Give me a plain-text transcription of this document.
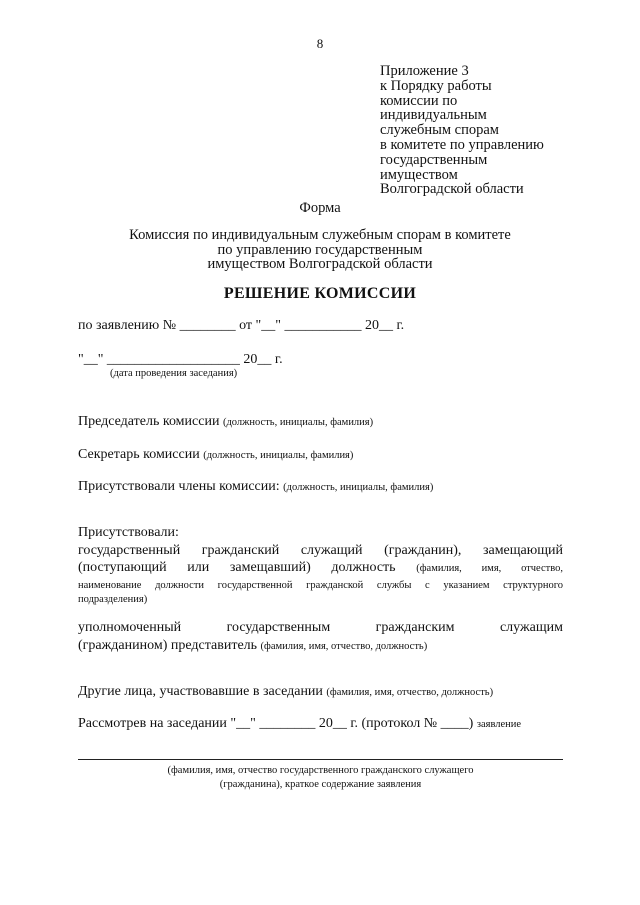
8
Приложение 3
к Порядку работы
комиссии по
индивидуальным
служебным спорам
в комитете по управлению
государственным
имуществом
Волгоградской области
Форма
Комиссия по индивидуальным служебным спорам в комитете
по управлению государственным
имуществом Волгоградской области
РЕШЕНИЕ КОМИССИИ
по заявлению № ________ от "__" ___________ 20__ г.
"__" ___________________ 20__ г.
(дата проведения заседания)
Председатель комиссии (должность, инициалы, фамилия)
Секретарь комиссии (должность, инициалы, фамилия)
Присутствовали члены комиссии: (должность, инициалы, фамилия)
Присутствовали:
государственный гражданский служащий (гражданин), замещающий
(поступающий или замещавший) должность (фамилия, имя, отчество,
наименование должности государственной гражданской службы с указанием структурного
подразделения)
уполномоченный государственным гражданским служащим
(гражданином) представитель (фамилия, имя, отчество, должность)
Другие лица, участвовавшие в заседании (фамилия, имя, отчество, должность)
Рассмотрев на заседании "__" ________ 20__ г. (протокол № ____) заявление
(фамилия, имя, отчество государственного гражданского служащего
(гражданина), краткое содержание заявления
